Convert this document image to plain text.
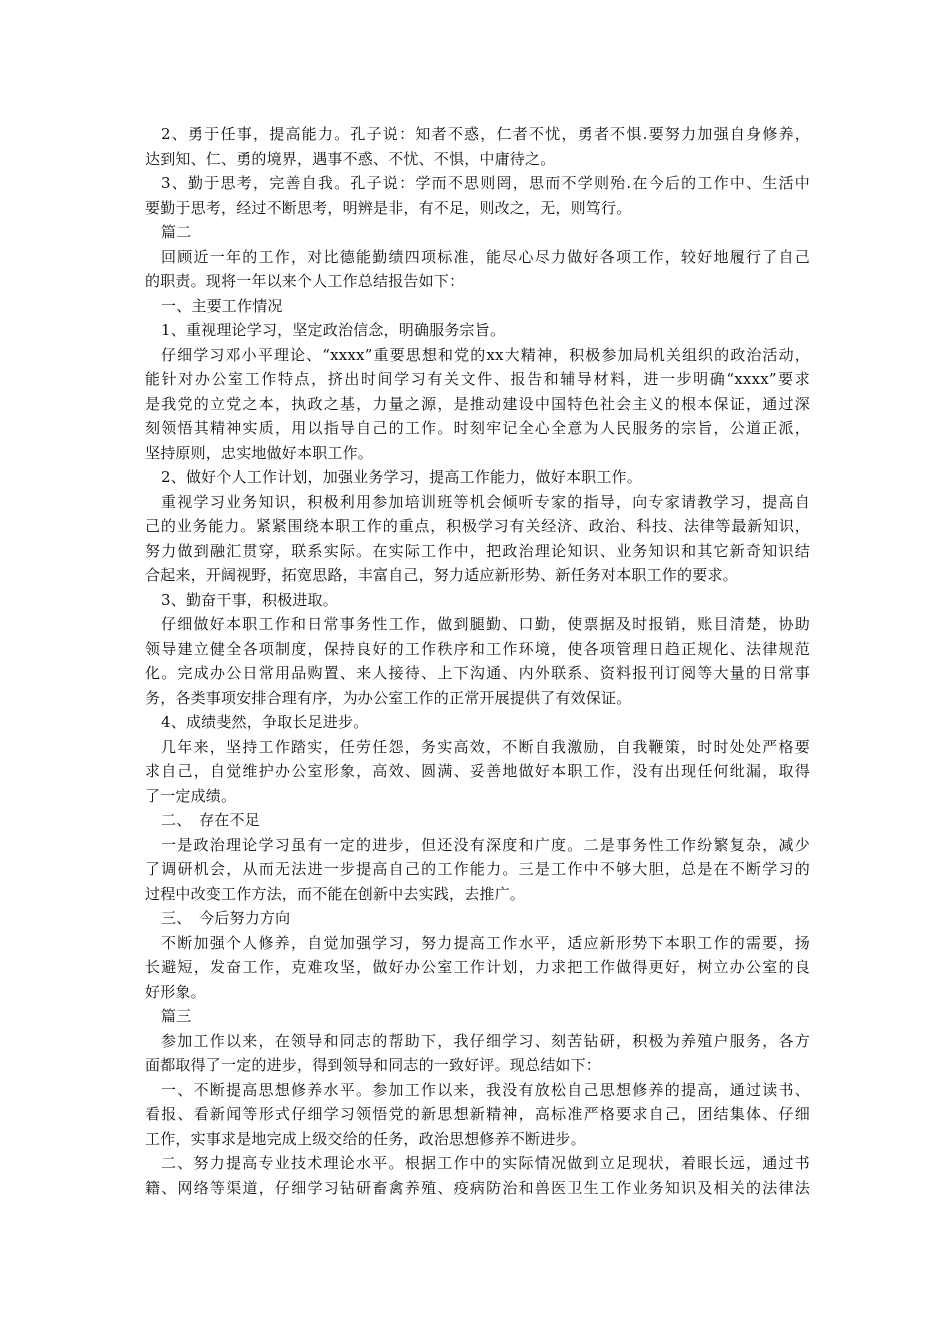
2、勇于任事，提高能力。孔子说：知者不惑，仁者不忧，勇者不惧.要努力加强自身修养，
达到知、仁、勇的境界，遇事不惑、不忧、不惧，中庸待之。
3、勤于思考，完善自我。孔子说：学而不思则罔，思而不学则殆.在今后的工作中、生活中
要勤于思考，经过不断思考，明辨是非，有不足，则改之，无，则笃行。
篇二
回顾近一年的工作，对比德能勤绩四项标准，能尽心尽力做好各项工作，较好地履行了自己
的职责。现将一年以来个人工作总结报告如下：
一、主要工作情况
1、重视理论学习，坚定政治信念，明确服务宗旨。
仔细学习邓小平理论、“xxxx”重要思想和党的xx大精神，积极参加局机关组织的政治活动，
能针对办公室工作特点，挤出时间学习有关文件、报告和辅导材料，进一步明确“xxxx”要求
是我党的立党之本，执政之基，力量之源，是推动建设中国特色社会主义的根本保证，通过深
刻领悟其精神实质，用以指导自己的工作。时刻牢记全心全意为人民服务的宗旨，公道正派，
坚持原则，忠实地做好本职工作。
2、做好个人工作计划，加强业务学习，提高工作能力，做好本职工作。
重视学习业务知识，积极利用参加培训班等机会倾听专家的指导，向专家请教学习，提高自
己的业务能力。紧紧围绕本职工作的重点，积极学习有关经济、政治、科技、法律等最新知识，
努力做到融汇贯穿，联系实际。在实际工作中，把政治理论知识、业务知识和其它新奇知识结
合起来，开阔视野，拓宽思路，丰富自己，努力适应新形势、新任务对本职工作的要求。
3、勤奋干事，积极进取。
仔细做好本职工作和日常事务性工作，做到腿勤、口勤，使票据及时报销，账目清楚，协助
领导建立健全各项制度，保持良好的工作秩序和工作环境，使各项管理日趋正规化、法律规范
化。完成办公日常用品购置、来人接待、上下沟通、内外联系、资料报刊订阅等大量的日常事
务，各类事项安排合理有序，为办公室工作的正常开展提供了有效保证。
4、成绩斐然，争取长足进步。
几年来，坚持工作踏实，任劳任怨，务实高效，不断自我激励，自我鞭策，时时处处严格要
求自己，自觉维护办公室形象，高效、圆满、妥善地做好本职工作，没有出现任何纰漏，取得
了一定成绩。
二、　存在不足
一是政治理论学习虽有一定的进步，但还没有深度和广度。二是事务性工作纷繁复杂，减少
了调研机会，从而无法进一步提高自己的工作能力。三是工作中不够大胆，总是在不断学习的
过程中改变工作方法，而不能在创新中去实践，去推广。
三、　今后努力方向
不断加强个人修养，自觉加强学习，努力提高工作水平，适应新形势下本职工作的需要，扬
长避短，发奋工作，克难攻坚，做好办公室工作计划，力求把工作做得更好，树立办公室的良
好形象。
篇三
参加工作以来，在领导和同志的帮助下，我仔细学习、刻苦钻研，积极为养殖户服务，各方
面都取得了一定的进步，得到领导和同志的一致好评。现总结如下：
一、不断提高思想修养水平。参加工作以来，我没有放松自己思想修养的提高，通过读书、
看报、看新闻等形式仔细学习领悟党的新思想新精神，高标准严格要求自己，团结集体、仔细
工作，实事求是地完成上级交给的任务，政治思想修养不断进步。
二、努力提高专业技术理论水平。根据工作中的实际情况做到立足现状，着眼长远，通过书
籍、网络等渠道，仔细学习钻研畜禽养殖、疫病防治和兽医卫生工作业务知识及相关的法律法
